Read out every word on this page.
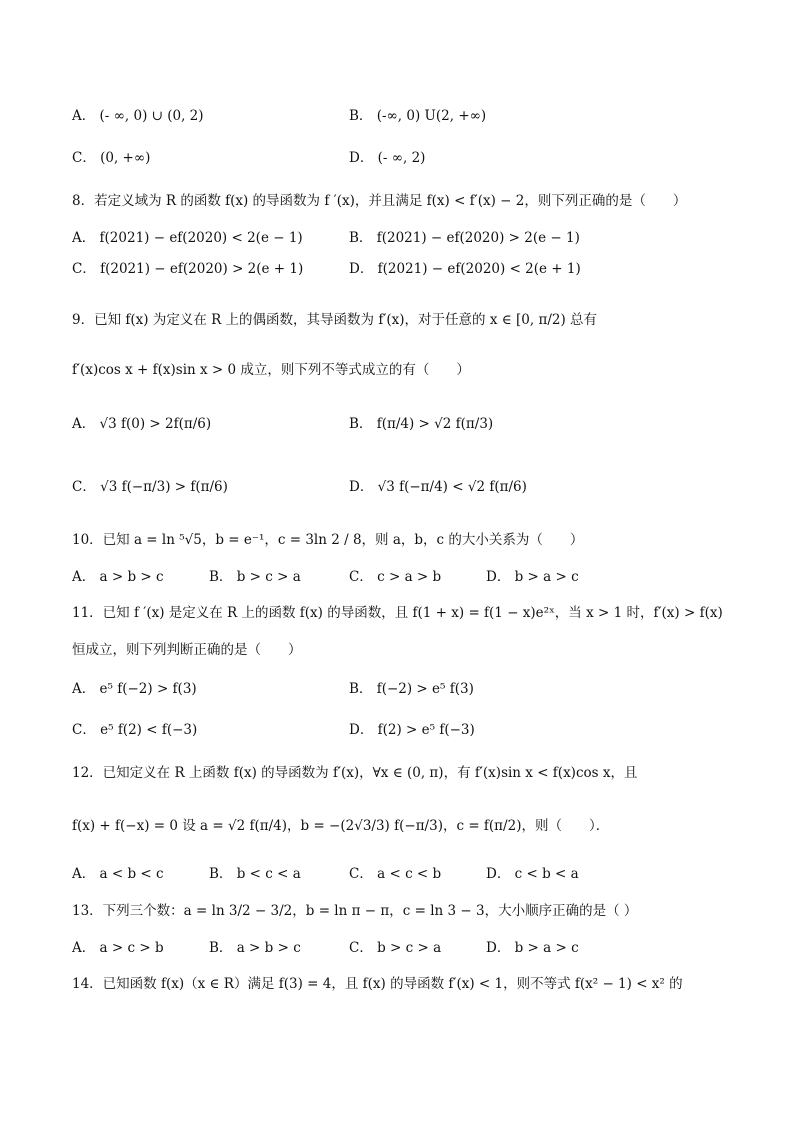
A． (- ∞, 0) ∪ (0, 2)	B． (-∞, 0) U(2, +∞)
C． (0, +∞)	D． (- ∞, 2)
8．若定义域为 R 的函数 f(x) 的导函数为 f ′(x)，并且满足 f(x) < f′(x) − 2，则下列正确的是（　　）
A． f(2021) − ef(2020) < 2(e − 1)	B． f(2021) − ef(2020) > 2(e − 1)
C． f(2021) − ef(2020) > 2(e + 1)	D． f(2021) − ef(2020) < 2(e + 1)
9．已知 f(x) 为定义在 R 上的偶函数，其导函数为 f′(x)，对于任意的 x ∈ [0, π/2) 总有
f′(x)cos x + f(x)sin x > 0 成立，则下列不等式成立的有（　　）
A． √3 f(0) > 2f(π/6)	B． f(π/4) > √2 f(π/3)
C． √3 f(−π/3) > f(π/6)	D． √3 f(−π/4) < √2 f(π/6)
10．已知 a = ln ⁵√5，b = e⁻¹，c = 3ln 2 / 8，则 a，b，c 的大小关系为（　　）
A． a > b > c	B． b > c > a	C． c > a > b	D． b > a > c
11．已知 f ′(x) 是定义在 R 上的函数 f(x) 的导函数，且 f(1 + x) = f(1 − x)e²ˣ，当 x > 1 时，f′(x) > f(x)
恒成立，则下列判断正确的是（　　）
A． e⁵ f(−2) > f(3)	B． f(−2) > e⁵ f(3)
C． e⁵ f(2) < f(−3)	D． f(2) > e⁵ f(−3)
12．已知定义在 R 上函数 f(x) 的导函数为 f′(x)，∀x ∈ (0, π)，有 f′(x)sin x < f(x)cos x，且
f(x) + f(−x) = 0 设 a = √2 f(π/4)，b = −(2√3/3) f(−π/3)，c = f(π/2)，则（　　）．
A． a < b < c	B． b < c < a	C． a < c < b	D． c < b < a
13．下列三个数：a = ln 3/2 − 3/2，b = ln π − π，c = ln 3 − 3，大小顺序正确的是（ ）
A． a > c > b	B． a > b > c	C． b > c > a	D． b > a > c
14．已知函数 f(x)（x ∈ R）满足 f(3) = 4，且 f(x) 的导函数 f′(x) < 1，则不等式 f(x² − 1) < x² 的
